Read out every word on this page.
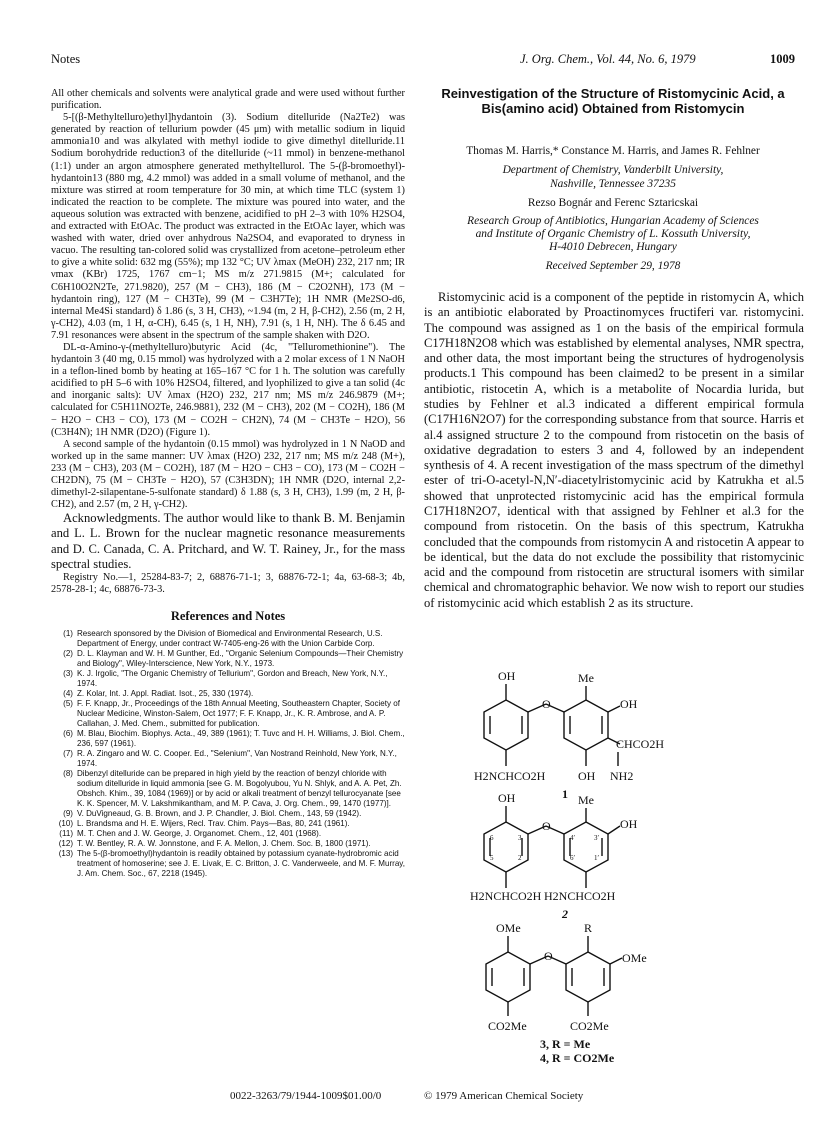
Notes	J. Org. Chem., Vol. 44, No. 6, 1979	1009

All other chemicals and solvents were analytical grade and were used without further purification.

5-[(β-Methyltelluro)ethyl]hydantoin (3). Sodium ditelluride (Na2Te2) was generated by reaction of tellurium powder (45 μm) with metallic sodium in liquid ammonia10 and was alkylated with methyl iodide to give dimethyl ditelluride.11 Sodium borohydride reduction3 of the ditelluride (~11 mmol) in benzene-methanol (1:1) under an argon atmosphere generated methyltellurol. The 5-(β-bromoethyl)-hydantoin13 (880 mg, 4.2 mmol) was added in a small volume of methanol, and the mixture was stirred at room temperature for 30 min, at which time TLC (system 1) indicated the reaction to be complete. The mixture was poured into water, and the aqueous solution was extracted with benzene, acidified to pH 2–3 with 10% H2SO4, and extracted with EtOAc. The product was extracted in the EtOAc layer, which was washed with water, dried over anhydrous Na2SO4, and evaporated to dryness in vacuo. The resulting tan-colored solid was crystallized from acetone–petroleum ether to give a white solid: 632 mg (55%); mp 132 °C; UV λmax (MeOH) 232, 217 nm; IR νmax (KBr) 1725, 1767 cm−1; MS m/z 271.9815 (M+; calculated for C6H10O2N2Te, 271.9820), 257 (M − CH3), 186 (M − C2O2NH), 173 (M − hydantoin ring), 127 (M − CH3Te), 99 (M − C3H7Te); 1H NMR (Me2SO-d6, internal Me4Si standard) δ 1.86 (s, 3 H, CH3), ~1.94 (m, 2 H, β-CH2), 2.56 (m, 2 H, γ-CH2), 4.03 (m, 1 H, α-CH), 6.45 (s, 1 H, NH), 7.91 (s, 1 H, NH). The δ 6.45 and 7.91 resonances were absent in the spectrum of the sample shaken with D2O.

DL-α-Amino-γ-(methyltelluro)butyric Acid (4c, "Telluromethionine"). The hydantoin 3 (40 mg, 0.15 mmol) was hydrolyzed with a 2 molar excess of 1 N NaOH in a teflon-lined bomb by heating at 165–167 °C for 1 h. The solution was carefully acidified to pH 5–6 with 10% H2SO4, filtered, and lyophilized to give a tan solid (4c and inorganic salts): UV λmax (H2O) 232, 217 nm; MS m/z 246.9879 (M+; calculated for C5H11NO2Te, 246.9881), 232 (M − CH3), 202 (M − CO2H), 186 (M − H2O − CH3 − CO), 173 (M − CO2H − CH2N), 74 (M − CH3Te − H2O), 56 (C3H4N); 1H NMR (D2O) (Figure 1).

A second sample of the hydantoin (0.15 mmol) was hydrolyzed in 1 N NaOD and worked up in the same manner: UV λmax (H2O) 232, 217 nm; MS m/z 248 (M+), 233 (M − CH3), 203 (M − CO2H), 187 (M − H2O − CH3 − CO), 173 (M − CO2H − CH2DN), 75 (M − CH3Te − H2O), 57 (C3H3DN); 1H NMR (D2O, internal 2,2-dimethyl-2-silapentane-5-sulfonate standard) δ 1.88 (s, 3 H, CH3), 1.99 (m, 2 H, β-CH2), and 2.57 (m, 2 H, γ-CH2).

Acknowledgments. The author would like to thank B. M. Benjamin and L. L. Brown for the nuclear magnetic resonance measurements and D. C. Canada, C. A. Pritchard, and W. T. Rainey, Jr., for the mass spectral studies.

Registry No.—1, 25284-83-7; 2, 68876-71-1; 3, 68876-72-1; 4a, 63-68-3; 4b, 2578-28-1; 4c, 68876-73-3.

References and Notes
(1) Research sponsored by the Division of Biomedical and Environmental Research, U.S. Department of Energy, under contract W-7405-eng-26 with the Union Carbide Corp.
(2) D. L. Klayman and W. H. M Gunther, Ed., "Organic Selenium Compounds—Their Chemistry and Biology", Wiley-Interscience, New York, N.Y., 1973.
(3) K. J. Irgolic, "The Organic Chemistry of Tellurium", Gordon and Breach, New York, N.Y., 1974.
(4) Z. Kolar, Int. J. Appl. Radiat. Isot., 25, 330 (1974).
(5) F. F. Knapp, Jr., Proceedings of the 18th Annual Meeting, Southeastern Chapter, Society of Nuclear Medicine, Winston-Salem, Oct 1977; F. F. Knapp, Jr., K. R. Ambrose, and A. P. Callahan, J. Med. Chem., submitted for publication.
(6) M. Blau, Biochim. Biophys. Acta., 49, 389 (1961); T. Tuvc and H. H. Williams, J. Biol. Chem., 236, 597 (1961).
(7) R. A. Zingaro and W. C. Cooper. Ed., "Selenium", Van Nostrand Reinhold, New York, N.Y., 1974.
(8) Dibenzyl ditelluride can be prepared in high yield by the reaction of benzyl chloride with sodium ditelluride in liquid ammonia [see G. M. Bogolyubou, Yu N. Shlyk, and A. A. Pet, Zh. Obshch. Khim., 39, 1084 (1969)] or by acid or alkali treatment of benzyl tellurocyanate [see K. K. Spencer, M. V. Lakshmikantham, and M. P. Cava, J. Org. Chem., 99, 1470 (1977)].
(9) V. DuVigneaud, G. B. Brown, and J. P. Chandler, J. Biol. Chem., 143, 59 (1942).
(10) L. Brandsma and H. E. Wijers, Recl. Trav. Chim. Pays—Bas, 80, 241 (1961).
(11) M. T. Chen and J. W. George, J. Organomet. Chem., 12, 401 (1968).
(12) T. W. Bentley, R. A. W. Jonnstone, and F. A. Mellon, J. Chem. Soc. B, 1800 (1971).
(13) The 5-(β-bromoethyl)hydantoin is readily obtained by potassium cyanate-hydrobromic acid treatment of homoserine; see J. E. Livak, E. C. Britton, J. C. Vanderweele, and M. F. Murray, J. Am. Chem. Soc., 67, 2218 (1945).
Reinvestigation of the Structure of Ristomycinic Acid, a Bis(amino acid) Obtained from Ristomycin
Thomas M. Harris,* Constance M. Harris, and James R. Fehlner
Department of Chemistry, Vanderbilt University,
Nashville, Tennessee 37235
Rezso Bognár and Ferenc Sztaricskai
Research Group of Antibiotics, Hungarian Academy of Sciences
and Institute of Organic Chemistry of L. Kossuth University,
H-4010 Debrecen, Hungary
Received September 29, 1978

Ristomycinic acid is a component of the peptide in ristomycin A, which is an antibiotic elaborated by Proactinomyces fructiferi var. ristomycini. The compound was assigned as 1 on the basis of the empirical formula C17H18N2O8 which was established by elemental analyses, NMR spectra, and other data, the most important being the structures of hydrogenolysis products.1 This compound has been claimed2 to be present in a similar antibiotic, ristocetin A, which is a metabolite of Nocardia lurida, but studies by Fehlner et al.3 indicated a different empirical formula (C17H16N2O7) for the corresponding substance from that source. Harris et al.4 assigned structure 2 to the compound from ristocetin on the basis of oxidative degradation to esters 3 and 4, followed by an independent synthesis of 4. A recent investigation of the mass spectrum of the dimethyl ester of tri-O-acetyl-N,N′-diacetylristomycinic acid by Katrukha et al.5 showed that unprotected ristomycinic acid has the empirical formula C17H18N2O7, identical with that assigned by Fehlner et al.3 for the compound from ristocetin. On the basis of this spectrum, Katrukha concluded that the compounds from ristomycin A and ristocetin A appear to be identical, but the data do not exclude the possibility that ristomycinic acid and the compound from ristocetin are structural isomers with similar chemical and chromatographic behavior. We now wish to report our studies of ristomycinic acid which establish 2 as its structure.

OH	Me
OH
O
CHCO2H
H2NCHCO2H	OH NH2
1
OH	Me
OH
O
H2NCHCO2H H2NCHCO2H
2
OMe	R
OMe
O
CO2Me	CO2Me
3, R = Me
4, R = CO2Me
6
5
3
2
4′
6′	1′
3′
0022-3263/79/1944-1009$01.00/0	© 1979 American Chemical Society
